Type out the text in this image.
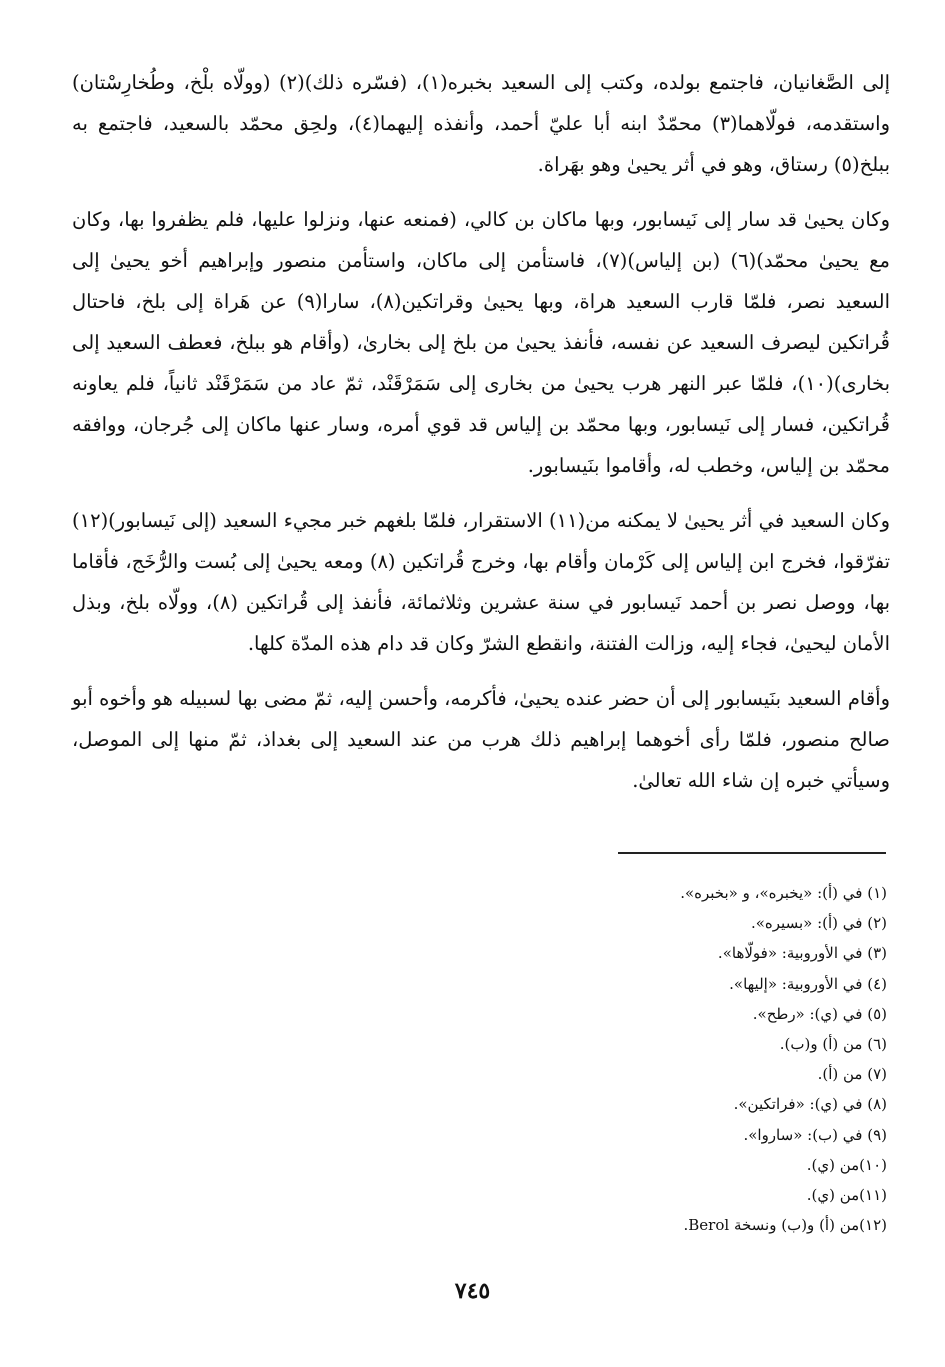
إلى الصَّغانيان، فاجتمع بولده، وكتب إلى السعيد بخبره(١)، (فسّره ذلك)(٢) (وولّاه بلْخ، وطُخارِسْتان) واستقدمه، فولّاهما(٣) محمّدٌ ابنه أبا عليّ أحمد، وأنفذه إليهما(٤)، ولحِق محمّد بالسعيد، فاجتمع به ببلخ(٥) رستاق، وهو في أثر يحيىٰ وهو بهَراة.

وكان يحيىٰ قد سار إلى نَيسابور، وبها ماكان بن كالي، (فمنعه عنها، ونزلوا عليها، فلم يظفروا بها، وكان مع يحيىٰ محمّد)(٦) (بن إلياس)(٧)، فاستأمن إلى ماكان، واستأمن منصور وإبراهيم أخو يحيىٰ إلى السعيد نصر، فلمّا قارب السعيد هراة، وبها يحيىٰ وقراتكين(٨)، سارا(٩) عن هَراة إلى بلخ، فاحتال قُراتكين ليصرف السعيد عن نفسه، فأنفذ يحيىٰ من بلخ إلى بخارىٰ، (وأقام هو ببلخ، فعطف السعيد إلى بخارى)(١٠)، فلمّا عبر النهر هرب يحيىٰ من بخارى إلى سَمَرْقَنْد، ثمّ عاد من سَمَرْقَنْد ثانياً، فلم يعاونه قُراتكين، فسار إلى نَيسابور، وبها محمّد بن إلياس قد قوي أمره، وسار عنها ماكان إلى جُرجان، ووافقه محمّد بن إلياس، وخطب له، وأقاموا بنَيسابور.

وكان السعيد في أثر يحيىٰ لا يمكنه من(١١) الاستقرار، فلمّا بلغهم خبر مجيء السعيد (إلى نَيسابور)(١٢) تفرّقوا، فخرج ابن إلياس إلى كَرْمان وأقام بها، وخرج قُراتكين (٨) ومعه يحيىٰ إلى بُست والرُّخَج، فأقاما بها، ووصل نصر بن أحمد نَيسابور في سنة عشرين وثلاثمائة، فأنفذ إلى قُراتكين (٨)، وولّاه بلخ، وبذل الأمان ليحيىٰ، فجاء إليه، وزالت الفتنة، وانقطع الشرّ وكان قد دام هذه المدّة كلها.

وأقام السعيد بنَيسابور إلى أن حضر عنده يحيىٰ، فأكرمه، وأحسن إليه، ثمّ مضى بها لسبيله هو وأخوه أبو صالح منصور، فلمّا رأى أخوهما إبراهيم ذلك هرب من عند السعيد إلى بغداذ، ثمّ منها إلى الموصل، وسيأتي خبره إن شاء الله تعالىٰ.

(١) في (أ): «يخبره»، و «بخبره».
(٢) في (أ): «بسيره».
(٣) في الأوروبية: «فولّاها».
(٤) في الأوروبية: «إليها».
(٥) في (ي): «رطح».
(٦) من (أ) و(ب).
(٧) من (أ).
(٨) في (ي): «فراتكين».
(٩) في (ب): «ساروا».
(١٠)من (ي).
(١١)من (ي).
(١٢)من (أ) و(ب) ونسخة Berol.
٧٤٥
